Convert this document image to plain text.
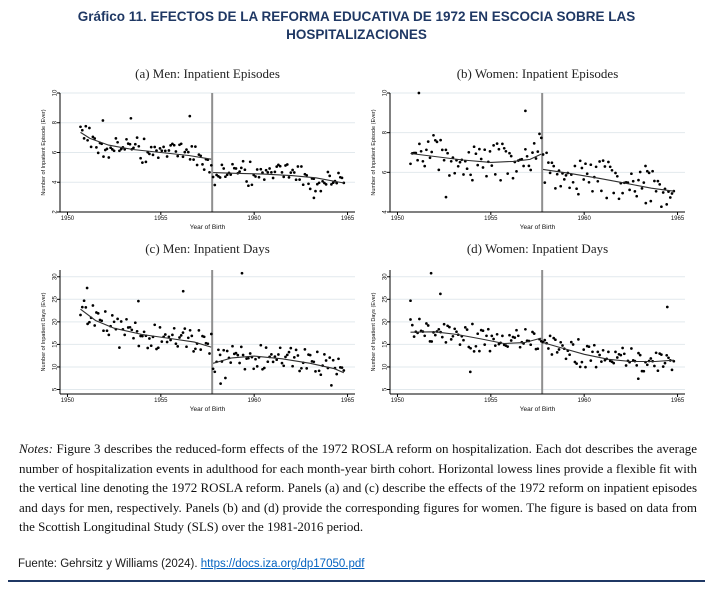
Gráfico 11. EFECTOS DE LA REFORMA EDUCATIVA DE 1972 EN ESCOCIA SOBRE LAS
HOSPITALIZACIONES
2
4
6
8
10
1950	1955	1960	1965
Year of Birth
Number of Inpatient Episode (Ever)
(a) Men: Inpatient Episodes
4
6
8
10
1950	1955	1960	1965
Year of Birth
Number of Inpatient Episode (Ever)
(b) Women: Inpatient Episodes
5
10
15
20
25
30
1950	1955	1960	1965
Year of Birth
Number of Inpatient Days (Ever)
(c) Men: Inpatient Days
5
10
15
20
25
30
1950	1955	1960	1965
Year of Birth
Number of Inpatient Days (Ever)
(d) Women: Inpatient Days
Notes: Figure 3 describes the reduced-form effects of the 1972 ROSLA reform on hospitalization. Each dot describes the average number of hospitalization events in adulthood for each month-year birth cohort. Horizontal lowess lines provide a flexible fit with the vertical line denoting the 1972 ROSLA reform. Panels (a) and (c) describe the effects of the 1972 reform on inpatient episodes and days for men, respectively. Panels (b) and (d) provide the corresponding figures for women. The figure is based on data from the Scottish Longitudinal Study (SLS) over the 1981-2016 period.
Fuente: Gehrsitz y Williams (2024). https://docs.iza.org/dp17050.pdf
